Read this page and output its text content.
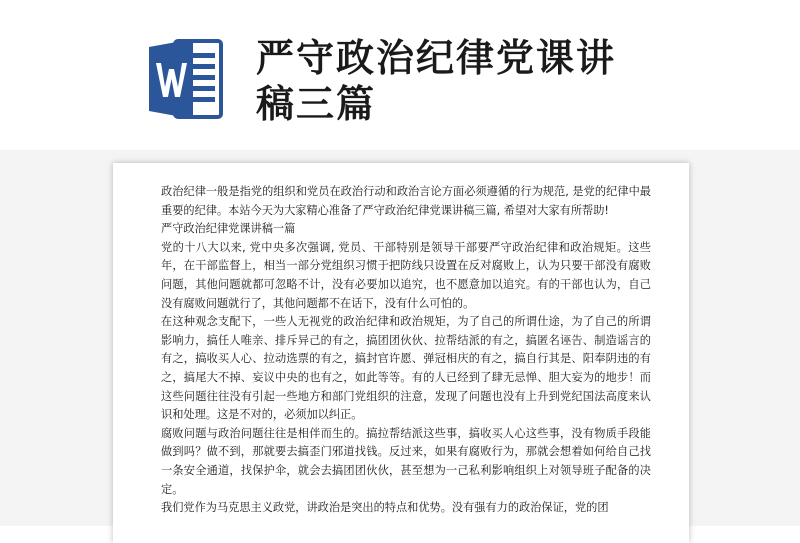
严守政治纪律党课讲
稿三篇

政治纪律一般是指党的组织和党员在政治行动和政治言论方面必须遵循的行为规范, 是党的纪律中最重要的纪律。本站今天为大家精心准备了严守政治纪律党课讲稿三篇, 希望对大家有所帮助!

严守政治纪律党课讲稿一篇

党的十八大以来, 党中央多次强调, 党员、干部特别是领导干部要严守政治纪律和政治规矩。这些年，在干部监督上，相当一部分党组织习惯于把防线只设置在反对腐败上，认为只要干部没有腐败问题，其他问题就都可忽略不计，没有必要加以追究，也不愿意加以追究。有的干部也认为，自己没有腐败问题就行了，其他问题都不在话下，没有什么可怕的。

在这种观念支配下，一些人无视党的政治纪律和政治规矩，为了自己的所谓仕途，为了自己的所谓影响力，搞任人唯亲、排斥异己的有之，搞团团伙伙、拉帮结派的有之，搞匿名诬告、制造谣言的有之，搞收买人心、拉动选票的有之，搞封官许愿、弹冠相庆的有之，搞自行其是、阳奉阴违的有之，搞尾大不掉、妄议中央的也有之，如此等等。有的人已经到了肆无忌惮、胆大妄为的地步！而这些问题往往没有引起一些地方和部门党组织的注意，发现了问题也没有上升到党纪国法高度来认识和处理。这是不对的，必须加以纠正。

腐败问题与政治问题往往是相伴而生的。搞拉帮结派这些事，搞收买人心这些事，没有物质手段能做到吗？做不到，那就要去搞歪门邪道找钱。反过来，如果有腐败行为，那就会想着如何给自己找一条安全通道，找保护伞，就会去搞团团伙伙，甚至想为一己私利影响组织上对领导班子配备的决定。

我们党作为马克思主义政党，讲政治是突出的特点和优势。没有强有力的政治保证，党的团
